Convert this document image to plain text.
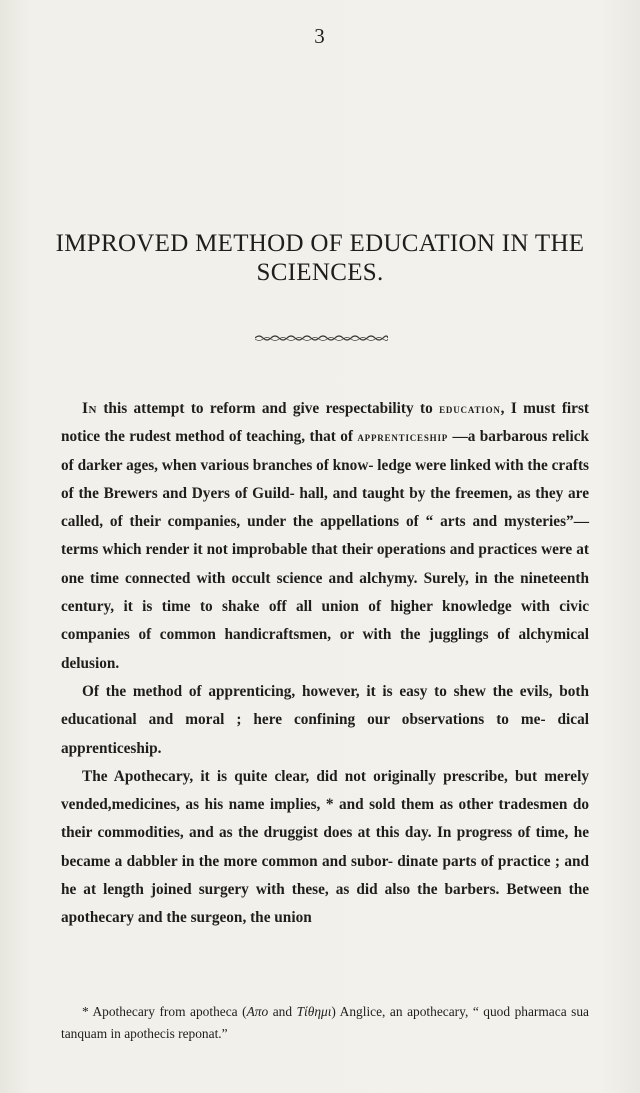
3
IMPROVED METHOD OF EDUCATION IN THE SCIENCES.

In this attempt to reform and give respectability to education, I must first notice the rudest method of teaching, that of apprenticeship —a barbarous relick of darker ages, when various branches of know- ledge were linked with the crafts of the Brewers and Dyers of Guild- hall, and taught by the freemen, as they are called, of their companies, under the appellations of “ arts and mysteries”—terms which render it not improbable that their operations and practices were at one time connected with occult science and alchymy. Surely, in the nineteenth century, it is time to shake off all union of higher knowledge with civic companies of common handicraftsmen, or with the jugglings of alchymical delusion.

Of the method of apprenticing, however, it is easy to shew the evils, both educational and moral ; here confining our observations to me- dical apprenticeship.

The Apothecary, it is quite clear, did not originally prescribe, but merely vended,medicines, as his name implies, * and sold them as other tradesmen do their commodities, and as the druggist does at this day. In progress of time, he became a dabbler in the more common and subor- dinate parts of practice ; and he at length joined surgery with these, as did also the barbers. Between the apothecary and the surgeon, the union

* Apothecary from apotheca (Απο and Τίθημι) Anglice, an apothecary, “ quod pharmaca sua tanquam in apothecis reponat.”
